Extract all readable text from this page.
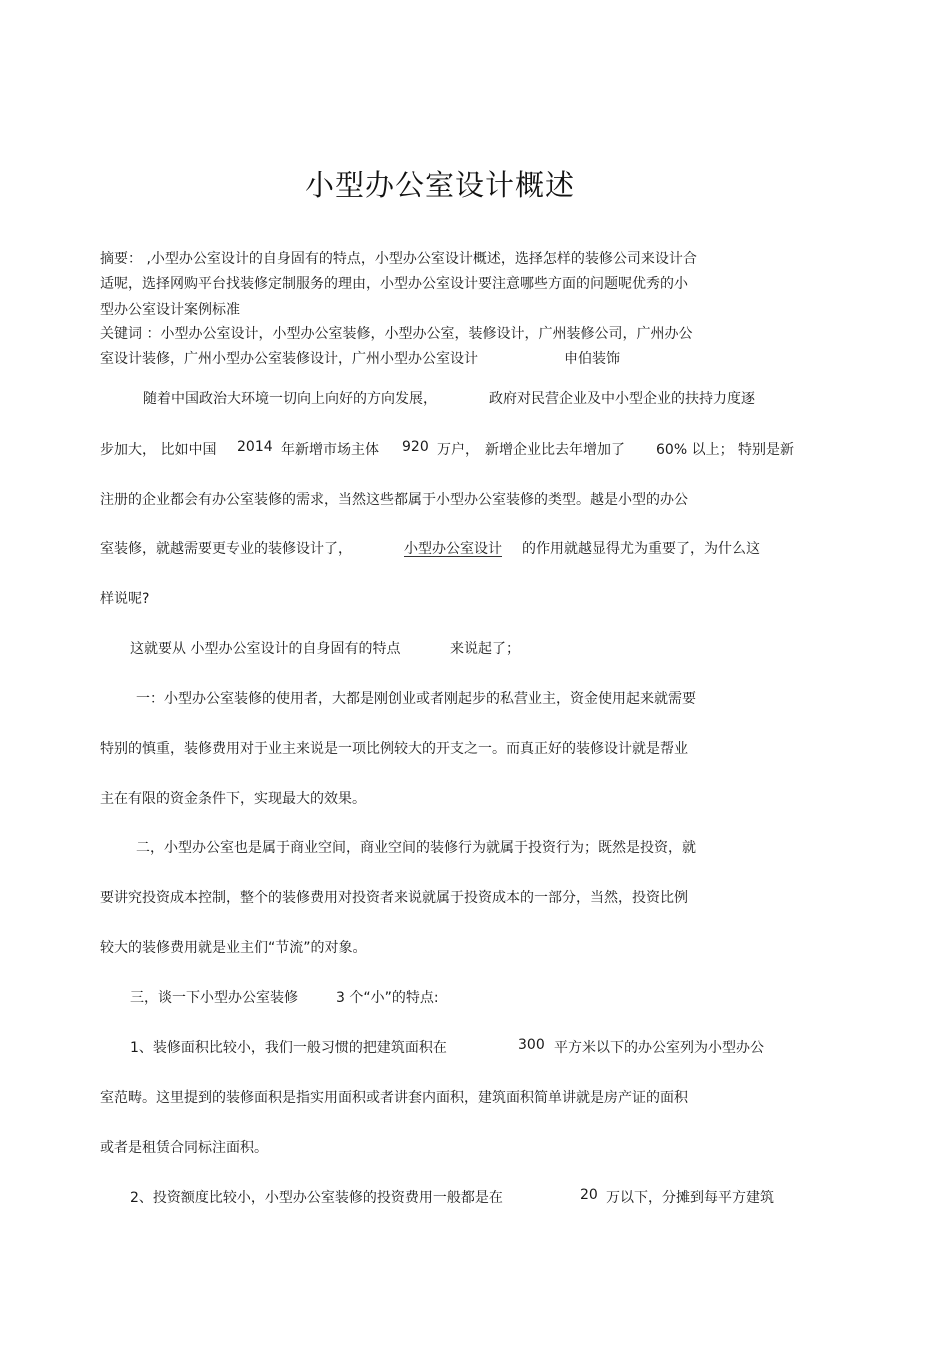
小型办公室设计概述
摘要： ,小型办公室设计的自身固有的特点，小型办公室设计概述，选择怎样的装修公司来设计合
适呢，选择网购平台找装修定制服务的理由，小型办公室设计要注意哪些方面的问题呢优秀的小
型办公室设计案例标准
关键词 ：小型办公室设计，小型办公室装修，小型办公室，装修设计，广州装修公司，广州办公
室设计装修，广州小型办公室装修设计，广州小型办公室设计	申伯装饰
随着中国政治大环境一切向上向好的方向发展，	政府对民营企业及中小型企业的扶持力度逐
步加大， 比如中国 2014 年新增市场主体 920 万户， 新增企业比去年增加了 60% 以上； 特别是新
注册的企业都会有办公室装修的需求，当然这些都属于小型办公室装修的类型。越是小型的办公
室装修，就越需要更专业的装修设计了，	小型办公室设计 的作用就越显得尤为重要了，为什么这
样说呢?
这就要从 小型办公室设计的自身固有的特点	来说起了；
一：小型办公室装修的使用者，大都是刚创业或者刚起步的私营业主，资金使用起来就需要
特别的慎重，装修费用对于业主来说是一项比例较大的开支之一。而真正好的装修设计就是帮业
主在有限的资金条件下，实现最大的效果。
二，小型办公室也是属于商业空间，商业空间的装修行为就属于投资行为；既然是投资，就
要讲究投资成本控制，整个的装修费用对投资者来说就属于投资成本的一部分，当然，投资比例
较大的装修费用就是业主们“节流”的对象。
三，谈一下小型办公室装修	3 个“小”的特点:
1、装修面积比较小，我们一般习惯的把建筑面积在	300 平方米以下的办公室列为小型办公
室范畴。这里提到的装修面积是指实用面积或者讲套内面积，建筑面积简单讲就是房产证的面积
或者是租赁合同标注面积。
2、投资额度比较小，小型办公室装修的投资费用一般都是在	20 万以下，分摊到每平方建筑
